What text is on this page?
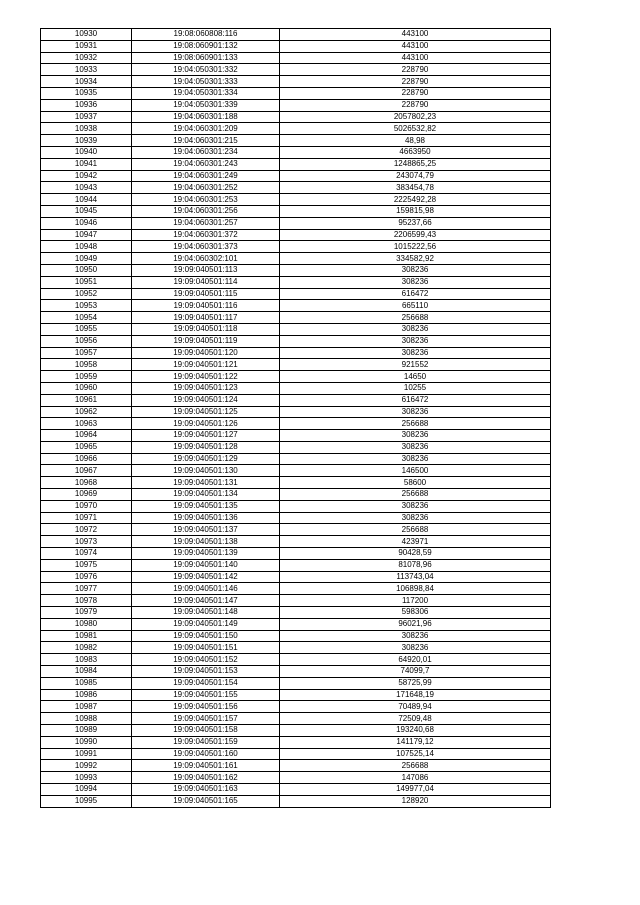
10930	19:08:060808:116	443100
10931	19:08:060901:132	443100
10932	19:08:060901:133	443100
10933	19:04:050301:332	228790
10934	19:04:050301:333	228790
10935	19:04:050301:334	228790
10936	19:04:050301:339	228790
10937	19:04:060301:188	2057802,23
10938	19:04:060301:209	5026532,82
10939	19:04:060301:215	48,98
10940	19:04:060301:234	4663950
10941	19:04:060301:243	1248865,25
10942	19:04:060301:249	243074,79
10943	19:04:060301:252	383454,78
10944	19:04:060301:253	2225492,28
10945	19:04:060301:256	159815,98
10946	19:04:060301:257	95237,66
10947	19:04:060301:372	2206599,43
10948	19:04:060301:373	1015222,56
10949	19:04:060302:101	334582,92
10950	19:09:040501:113	308236
10951	19:09:040501:114	308236
10952	19:09:040501:115	616472
10953	19:09:040501:116	665110
10954	19:09:040501:117	256688
10955	19:09:040501:118	308236
10956	19:09:040501:119	308236
10957	19:09:040501:120	308236
10958	19:09:040501:121	921552
10959	19:09:040501:122	14650
10960	19:09:040501:123	10255
10961	19:09:040501:124	616472
10962	19:09:040501:125	308236
10963	19:09:040501:126	256688
10964	19:09:040501:127	308236
10965	19:09:040501:128	308236
10966	19:09:040501:129	308236
10967	19:09:040501:130	146500
10968	19:09:040501:131	58600
10969	19:09:040501:134	256688
10970	19:09:040501:135	308236
10971	19:09:040501:136	308236
10972	19:09:040501:137	256688
10973	19:09:040501:138	423971
10974	19:09:040501:139	90428,59
10975	19:09:040501:140	81078,96
10976	19:09:040501:142	113743,04
10977	19:09:040501:146	106898,84
10978	19:09:040501:147	117200
10979	19:09:040501:148	598306
10980	19:09:040501:149	96021,96
10981	19:09:040501:150	308236
10982	19:09:040501:151	308236
10983	19:09:040501:152	64920,01
10984	19:09:040501:153	74099,7
10985	19:09:040501:154	58725,99
10986	19:09:040501:155	171648,19
10987	19:09:040501:156	70489,94
10988	19:09:040501:157	72509,48
10989	19:09:040501:158	193240,68
10990	19:09:040501:159	141179,12
10991	19:09:040501:160	107525,14
10992	19:09:040501:161	256688
10993	19:09:040501:162	147086
10994	19:09:040501:163	149977,04
10995	19:09:040501:165	128920
